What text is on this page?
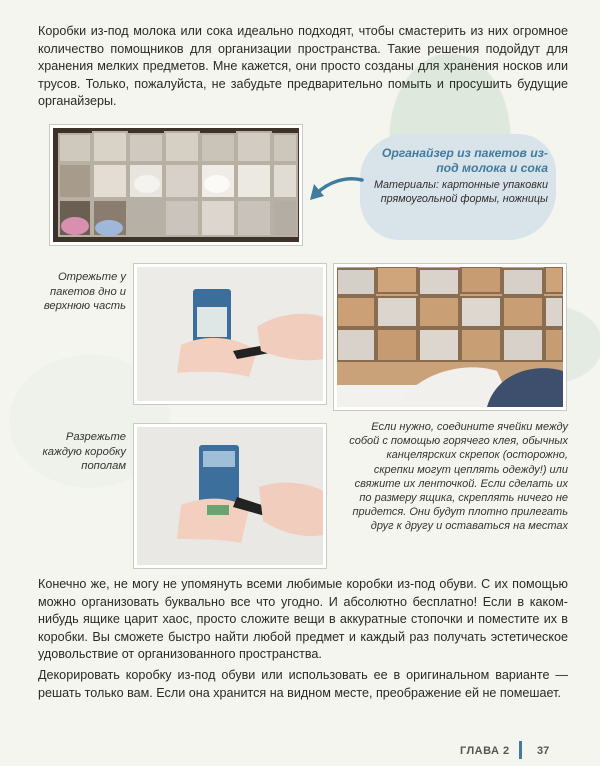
Коробки из-под молока или сока идеально подходят, чтобы смастерить из них огромное количество помощников для организации пространства. Такие решения подойдут для хранения мелких предметов. Мне кажется, они просто созданы для хранения носков или трусов. Только, пожалуйста, не забудьте предварительно помыть и просушить будущие органайзеры.

Органайзер из пакетов из-под молока и сока
Материалы: картонные упаковки прямоугольной формы, ножницы
Отрежьте у пакетов дно и верхнюю часть
Если нужно, соедините ячейки между собой с помощью горячего клея, обычных канцелярских скрепок (осторожно, скрепки могут цеплять одежду!) или свяжите их ленточкой. Если сделать их по размеру ящика, скреплять ничего не придется. Они будут плотно прилегать друг к другу и оставаться на местах
Разрежьте каждую коробку пополам

Конечно же, не могу не упомянуть всеми любимые коробки из-под обуви. С их помощью можно организовать буквально все что угодно. И абсолютно бесплатно! Если в каком-нибудь ящике царит хаос, просто сложите вещи в аккуратные стопочки и поместите их в коробки. Вы сможете быстро найти любой предмет и каждый раз получать эстетическое удовольствие от организованного пространства.

Декорировать коробку из-под обуви или использовать ее в оригинальном варианте — решать только вам. Если она хранится на видном месте, преображение ей не помешает.

ГЛАВА 2 37
